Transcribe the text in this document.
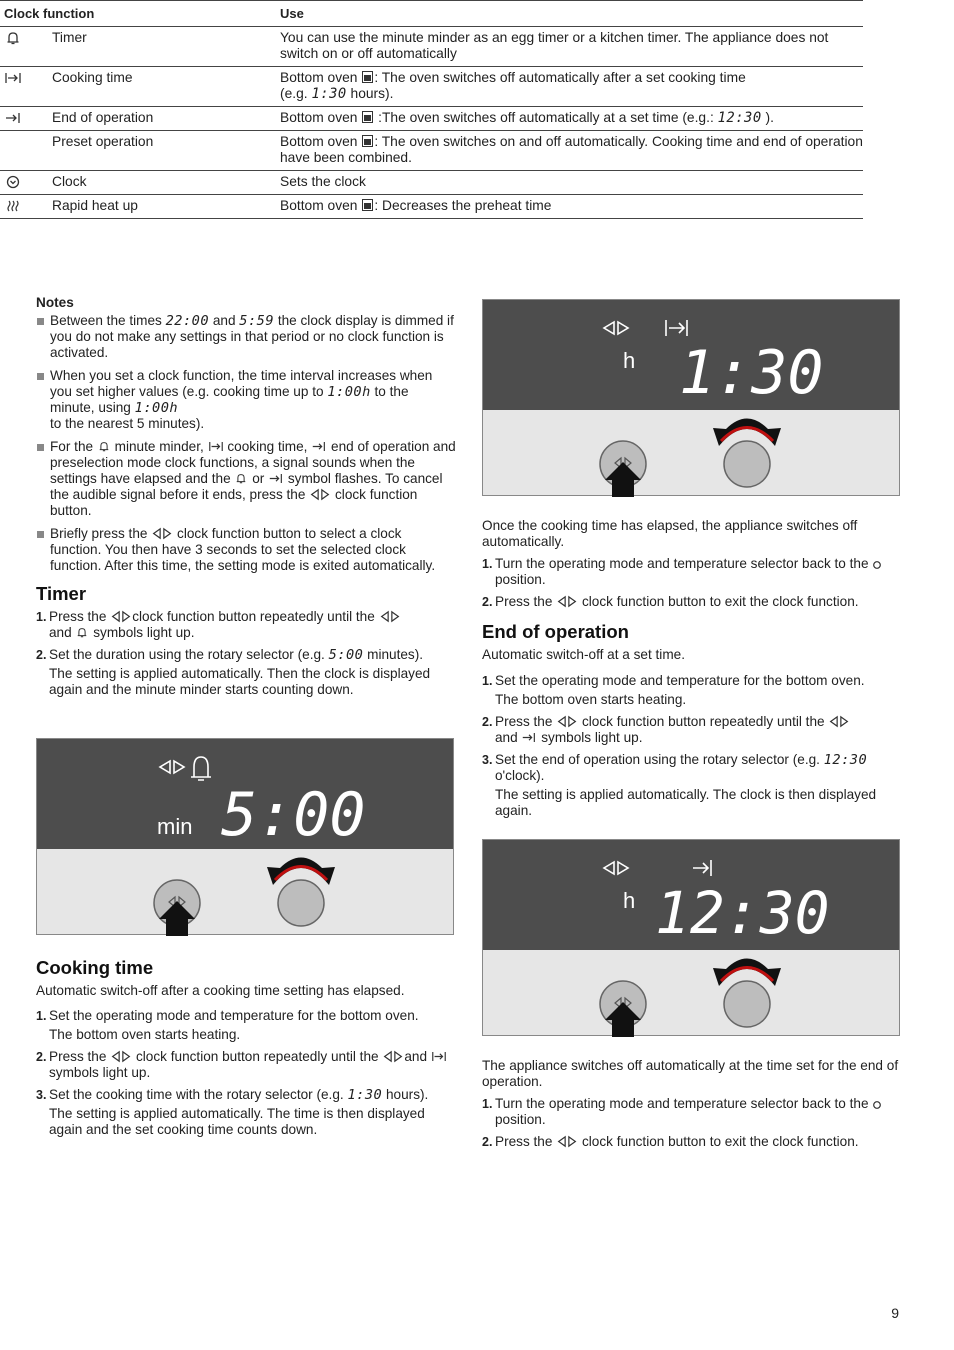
Clock function		Use

	Timer	You can use the minute minder as an egg timer or a kitchen timer. The appliance does not switch on or off automatically

	Cooking time	Bottom oven : The oven switches off automatically after a set cooking time
(e.g. 1:30 hours).

	End of operation	Bottom oven  :The oven switches off automatically at a set time (e.g.: 12:30 ).
	Preset operation	Bottom oven : The oven switches on and off automatically. Cooking time and end of operation have been combined.

	Clock	Sets the clock

	Rapid heat up	Bottom oven : Decreases the preheat time
Notes
Between the times 22:00 and 5:59 the clock display is dimmed if you do not make any settings in that period or no clock function is activated.
When you set a clock function, the time interval increases when you set higher values (e.g. cooking time up to 1:00h to the minute, using 1:00h
to the nearest 5 minutes).
For the minute minder, cooking time, end of operation and preselection mode clock functions, a signal sounds when the settings have elapsed and the or symbol flashes. To cancel the audible signal before it ends, press the clock function button.
Briefly press the clock function button to select a clock function. You then have 3 seconds to set the selected clock function. After this time, the setting mode is exited automatically.
Timer
1. Press the clock function button repeatedly until the
and symbols light up.
2. Set the duration using the rotary selector (e.g. 5:00 minutes).
The setting is applied automatically. Then the clock is displayed again and the minute minder starts counting down.
min 5:00
Cooking time

Automatic switch-off after a cooking time setting has elapsed.

1. Set the operating mode and temperature for the bottom oven.
The bottom oven starts heating.
2. Press the clock function button repeatedly until the and  symbols light up.
3. Set the cooking time with the rotary selector (e.g. 1:30 hours).
The setting is applied automatically. The time is then displayed again and the set cooking time counts down.
h 1:30

Once the cooking time has elapsed, the appliance switches off automatically.

1. Turn the operating mode and temperature selector back to the  position.
2. Press the clock function button to exit the clock function.
End of operation

Automatic switch-off at a set time.

1. Set the operating mode and temperature for the bottom oven.
The bottom oven starts heating.
2. Press the clock function button repeatedly until the
and symbols light up.
3. Set the end of operation using the rotary selector (e.g. 12:30 o'clock).
The setting is applied automatically. The clock is then displayed again.
h 12:30

The appliance switches off automatically at the time set for the end of operation.

1. Turn the operating mode and temperature selector back to the  position.
2. Press the clock function button to exit the clock function.
9
